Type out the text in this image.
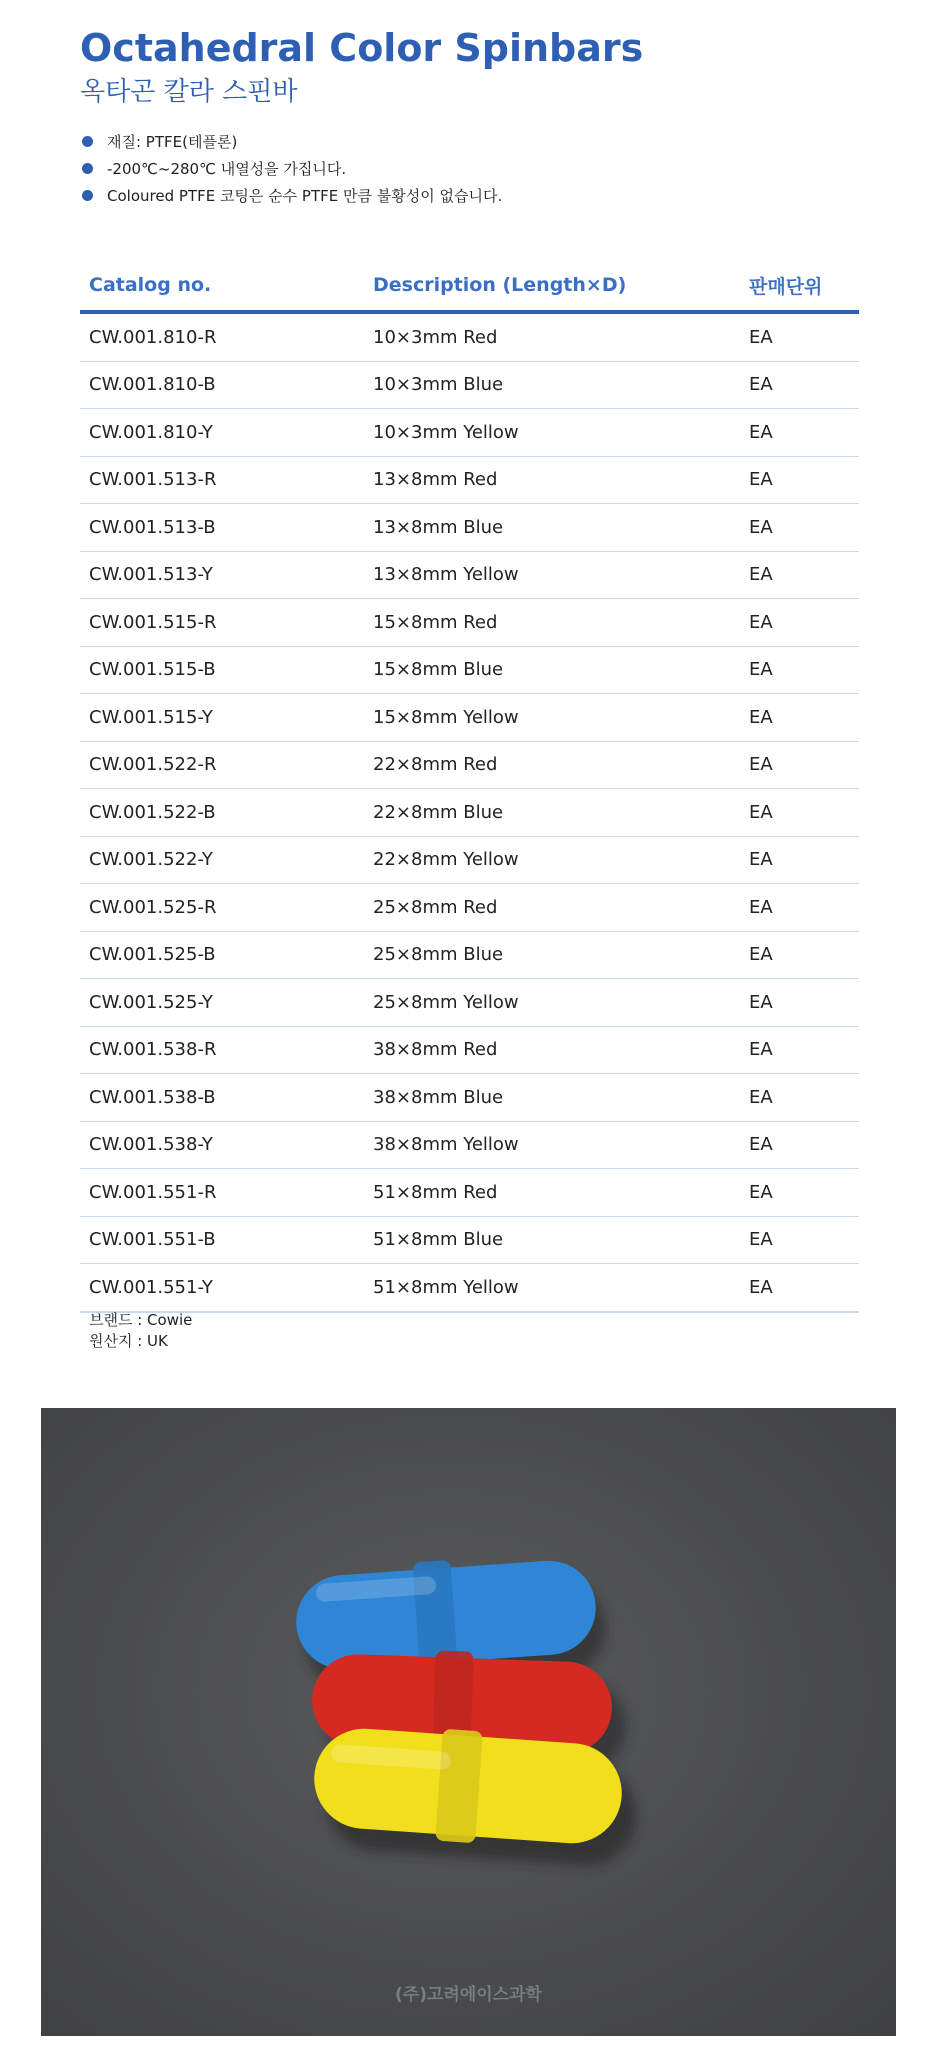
Octahedral Color Spinbars
옥타곤 칼라 스핀바
재질: PTFE(테플론)
-200℃~280℃ 내열성을 가집니다.
Coloured PTFE 코팅은 순수 PTFE 만큼 불황성이 없습니다.
Catalog no.	Description (Length×D)	판매단위
CW.001.810-R	10×3mm Red	EA
CW.001.810-B	10×3mm Blue	EA
CW.001.810-Y	10×3mm Yellow	EA
CW.001.513-R	13×8mm Red	EA
CW.001.513-B	13×8mm Blue	EA
CW.001.513-Y	13×8mm Yellow	EA
CW.001.515-R	15×8mm Red	EA
CW.001.515-B	15×8mm Blue	EA
CW.001.515-Y	15×8mm Yellow	EA
CW.001.522-R	22×8mm Red	EA
CW.001.522-B	22×8mm Blue	EA
CW.001.522-Y	22×8mm Yellow	EA
CW.001.525-R	25×8mm Red	EA
CW.001.525-B	25×8mm Blue	EA
CW.001.525-Y	25×8mm Yellow	EA
CW.001.538-R	38×8mm Red	EA
CW.001.538-B	38×8mm Blue	EA
CW.001.538-Y	38×8mm Yellow	EA
CW.001.551-R	51×8mm Red	EA
CW.001.551-B	51×8mm Blue	EA
CW.001.551-Y	51×8mm Yellow	EA
브랜드 : Cowie
원산지 : UK
(주)고려에이스과학
